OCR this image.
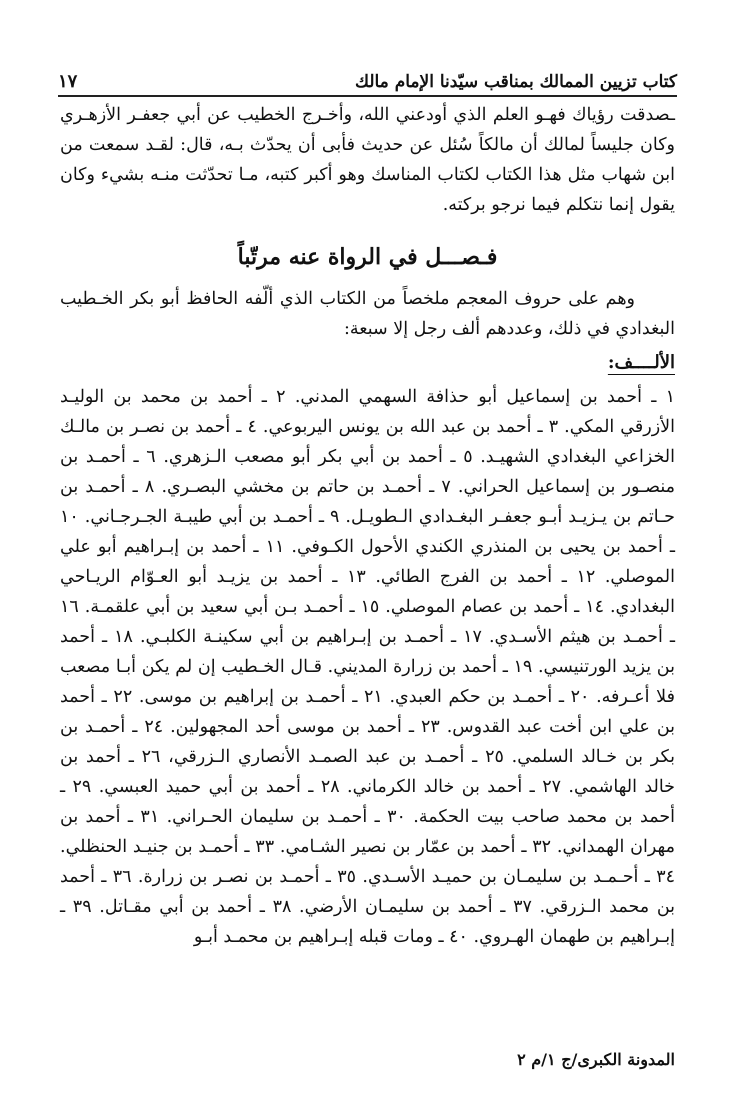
كتاب تزيين الممالك بمناقب سيّدنا الإمام مالك
١٧

ـصدقت رؤياك فهـو العلم الذي أودعني الله، وأخـرج الخطيب عن أبي جعفـر الأزهـري وكان جليساً لمالك أن مالكاً سُئل عن حديث فأبى أن يحدّث بـه، قال: لقـد سمعت من ابن شهاب مثل هذا الكتاب لكتاب المناسك وهو أكبر كتبه، مـا تحدّثت منـه بشيء وكان يقول إنما نتكلم فيما نرجو بركته.

فـصـــل في الرواة عنه مرتّباً

وهم على حروف المعجم ملخصاً من الكتاب الذي ألّفه الحافظ أبو بكر الخـطيب البغدادي في ذلك، وعددهم ألف رجل إلا سبعة:

الألــــف:

١ ـ أحمد بن إسماعيل أبو حذافة السهمي المدني. ٢ ـ أحمد بن محمد بن الوليـد الأزرقي المكي. ٣ ـ أحمد بن عبد الله بن يونس اليربوعي. ٤ ـ أحمد بن نصـر بن مالـك الخزاعي البغدادي الشهيـد. ٥ ـ أحمد بن أبي بكر أبو مصعب الـزهري. ٦ ـ أحمـد بن منصـور بن إسماعيل الحراني. ٧ ـ أحمـد بن حاتم بن مخشي البصـري. ٨ ـ أحمـد بن حـاتم بن يـزيـد أبـو جعفـر البغـدادي الـطويـل. ٩ ـ أحمـد بن أبي طيبـة الجـرجـاني. ١٠ ـ أحمد بن يحيى بن المنذري الكندي الأحول الكـوفي. ١١ ـ أحمد بن إبـراهيم أبو علي الموصلي. ١٢ ـ أحمد بن الفرج الطائي. ١٣ ـ أحمد بن يزيـد أبو العـوّام الريـاحي البغدادي. ١٤ ـ أحمد بن عصام الموصلي. ١٥ ـ أحمـد بـن أبي سعيد بن أبي علقمـة. ١٦ ـ أحمـد بن هيثم الأسـدي. ١٧ ـ أحمـد بن إبـراهيم بن أبي سكينـة الكلبـي. ١٨ ـ أحمد بن يزيد الورتنيسي. ١٩ ـ أحمد بن زرارة المديني. قـال الخـطيب إن لم يكن أبـا مصعب فلا أعـرفه. ٢٠ ـ أحمـد بن حكم العبدي. ٢١ ـ أحمـد بن إبراهيم بن موسى. ٢٢ ـ أحمد بن علي ابن أخت عبد القدوس. ٢٣ ـ أحمد بن موسى أحد المجهولين. ٢٤ ـ أحمـد بن بكر بن خـالد السلمي. ٢٥ ـ أحمـد بن عبد الصمـد الأنصاري الـزرقي، ٢٦ ـ أحمد بن خالد الهاشمي. ٢٧ ـ أحمد بن خالد الكرماني. ٢٨ ـ أحمد بن أبي حميد العبسي. ٢٩ ـ أحمد بن محمد صاحب بيت الحكمة. ٣٠ ـ أحمـد بن سليمان الحـراني. ٣١ ـ أحمد بن مهران الهمداني. ٣٢ ـ أحمد بن عمّار بن نصير الشـامي. ٣٣ ـ أحمـد بن جنيـد الحنظلي. ٣٤ ـ أحـمـد بن سليمـان بن حميـد الأسـدي. ٣٥ ـ أحمـد بن نصـر بن زرارة. ٣٦ ـ أحمد بن محمد الـزرقي. ٣٧ ـ أحمد بن سليمـان الأرضي. ٣٨ ـ أحمد بن أبي مقـاتل. ٣٩ ـ إبـراهيم بن طهمان الهـروي. ٤٠ ـ ومات قبله إبـراهيم بن محمـد أبـو

المدونة الكبرى/ج ١/م ٢
